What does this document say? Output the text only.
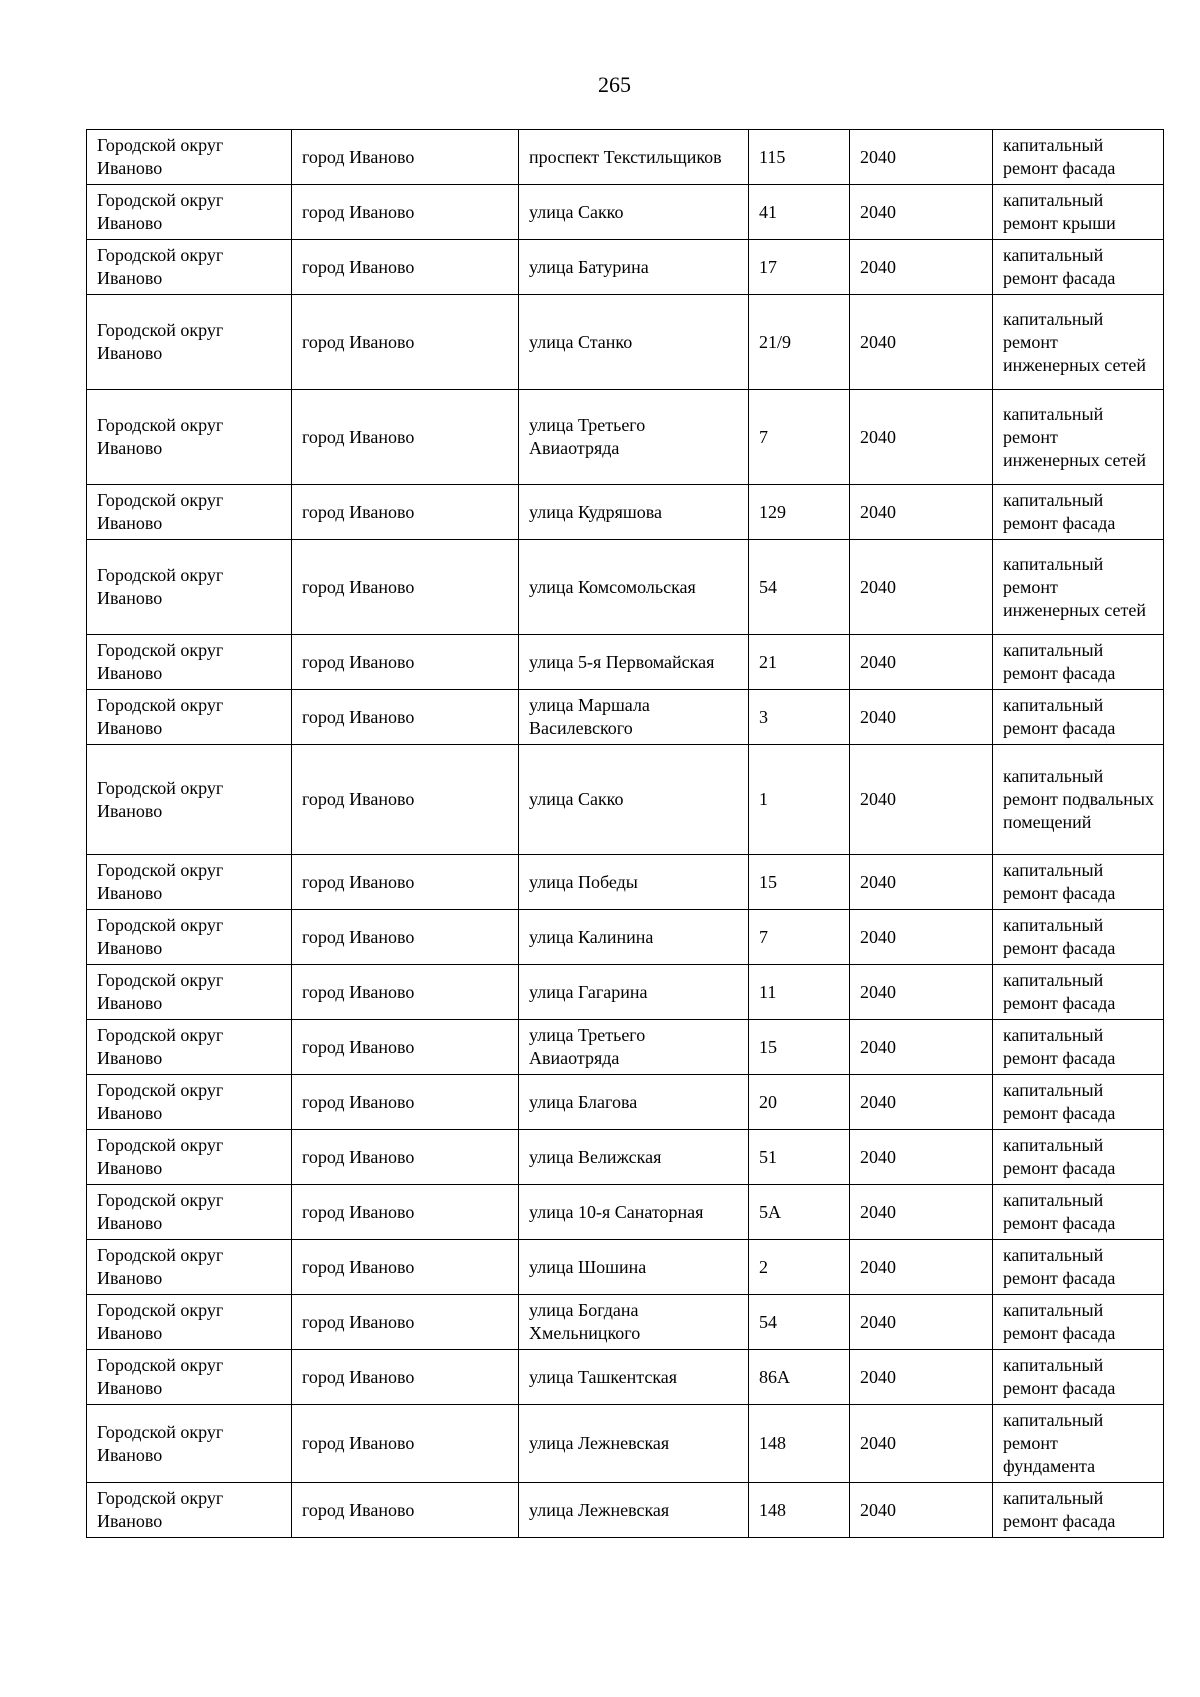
265
Городской округ Иваново	город Иваново	проспект Текстильщиков	115	2040	капитальный ремонт фасада
Городской округ Иваново	город Иваново	улица Сакко	41	2040	капитальный ремонт крыши
Городской округ Иваново	город Иваново	улица Батурина	17	2040	капитальный ремонт фасада
Городской округ Иваново	город Иваново	улица Станко	21/9	2040	капитальный ремонт инженерных сетей
Городской округ Иваново	город Иваново	улица Третьего Авиаотряда	7	2040	капитальный ремонт инженерных сетей
Городской округ Иваново	город Иваново	улица Кудряшова	129	2040	капитальный ремонт фасада
Городской округ Иваново	город Иваново	улица Комсомольская	54	2040	капитальный ремонт инженерных сетей
Городской округ Иваново	город Иваново	улица 5-я Первомайская	21	2040	капитальный ремонт фасада
Городской округ Иваново	город Иваново	улица Маршала Василевского	3	2040	капитальный ремонт фасада
Городской округ Иваново	город Иваново	улица Сакко	1	2040	капитальный ремонт подвальных помещений
Городской округ Иваново	город Иваново	улица Победы	15	2040	капитальный ремонт фасада
Городской округ Иваново	город Иваново	улица Калинина	7	2040	капитальный ремонт фасада
Городской округ Иваново	город Иваново	улица Гагарина	11	2040	капитальный ремонт фасада
Городской округ Иваново	город Иваново	улица Третьего Авиаотряда	15	2040	капитальный ремонт фасада
Городской округ Иваново	город Иваново	улица Благова	20	2040	капитальный ремонт фасада
Городской округ Иваново	город Иваново	улица Велижская	51	2040	капитальный ремонт фасада
Городской округ Иваново	город Иваново	улица 10-я Санаторная	5А	2040	капитальный ремонт фасада
Городской округ Иваново	город Иваново	улица Шошина	2	2040	капитальный ремонт фасада
Городской округ Иваново	город Иваново	улица Богдана Хмельницкого	54	2040	капитальный ремонт фасада
Городской округ Иваново	город Иваново	улица Ташкентская	86А	2040	капитальный ремонт фасада
Городской округ Иваново	город Иваново	улица Лежневская	148	2040	капитальный ремонт фундамента
Городской округ Иваново	город Иваново	улица Лежневская	148	2040	капитальный ремонт фасада
